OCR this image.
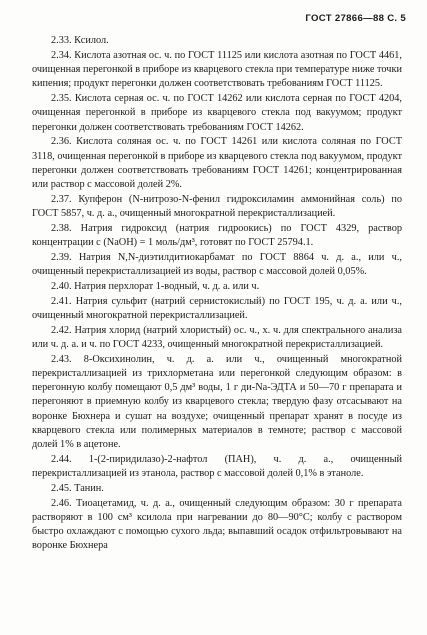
ГОСТ 27866—88 С. 5

2.33. Ксилол.

2.34. Кислота азотная ос. ч. по ГОСТ 11125 или кислота азотная по ГОСТ 4461, очищенная перегонкой в приборе из кварцевого стекла при температуре ниже точки кипения; продукт перегонки должен соответствовать требованиям ГОСТ 11125.

2.35. Кислота серная ос. ч. по ГОСТ 14262 или кислота серная по ГОСТ 4204, очищенная перегонкой в приборе из кварцевого стекла под вакуумом; продукт перегонки должен соответствовать требованиям ГОСТ 14262.

2.36. Кислота соляная ос. ч. по ГОСТ 14261 или кислота соляная по ГОСТ 3118, очищенная перегонкой в приборе из кварцевого стекла под вакуумом, продукт перегонки должен соответствовать требованиям ГОСТ 14261; концентрированная или раствор с массовой долей 2%.

2.37. Купферон (N-нитрозо-N-фенил гидроксиламин аммонийная соль) по ГОСТ 5857, ч. д. а., очищенный многократной перекристаллизацией.

2.38. Натрия гидроксид (натрия гидроокись) по ГОСТ 4329, раствор концентрации c (NaOH) = 1 моль/дм³, готовят по ГОСТ 25794.1.

2.39. Натрия N,N-диэтилдитиокарбамат по ГОСТ 8864 ч. д. а., или ч., очищенный перекристаллизацией из воды, раствор с массовой долей 0,05%.

2.40. Натрия перхлорат 1-водный, ч. д. а. или ч.

2.41. Натрия сульфит (натрий сернистокислый) по ГОСТ 195, ч. д. а. или ч., очищенный многократной перекристаллизацией.

2.42. Натрия хлорид (натрий хлористый) ос. ч., х. ч. для спектрального анализа или ч. д. а. и ч. по ГОСТ 4233, очищенный многократной перекристаллизацией.

2.43. 8-Оксихинолин, ч. д. а. или ч., очищенный многократной перекристаллизацией из трихлорметана или перегонкой следующим образом: в перегонную колбу помещают 0,5 дм³ воды, 1 г ди-Na-ЭДТА и 50—70 г препарата и перегоняют в приемную колбу из кварцевого стекла; твердую фазу отсасывают на воронке Бюхнера и сушат на воздухе; очищенный препарат хранят в посуде из кварцевого стекла или полимерных материалов в темноте; раствор с массовой долей 1% в ацетоне.

2.44. 1-(2-пиридилазо)-2-нафтол (ПАН), ч. д. а., очищенный перекристаллизацией из этанола, раствор с массовой долей 0,1% в этаноле.

2.45. Танин.

2.46. Тиоацетамид, ч. д. а., очищенный следующим образом: 30 г препарата растворяют в 100 см³ ксилола при нагревании до 80—90°С; колбу с раствором быстро охлаждают с помощью сухого льда; выпавший осадок отфильтровывают на воронке Бюхнера
